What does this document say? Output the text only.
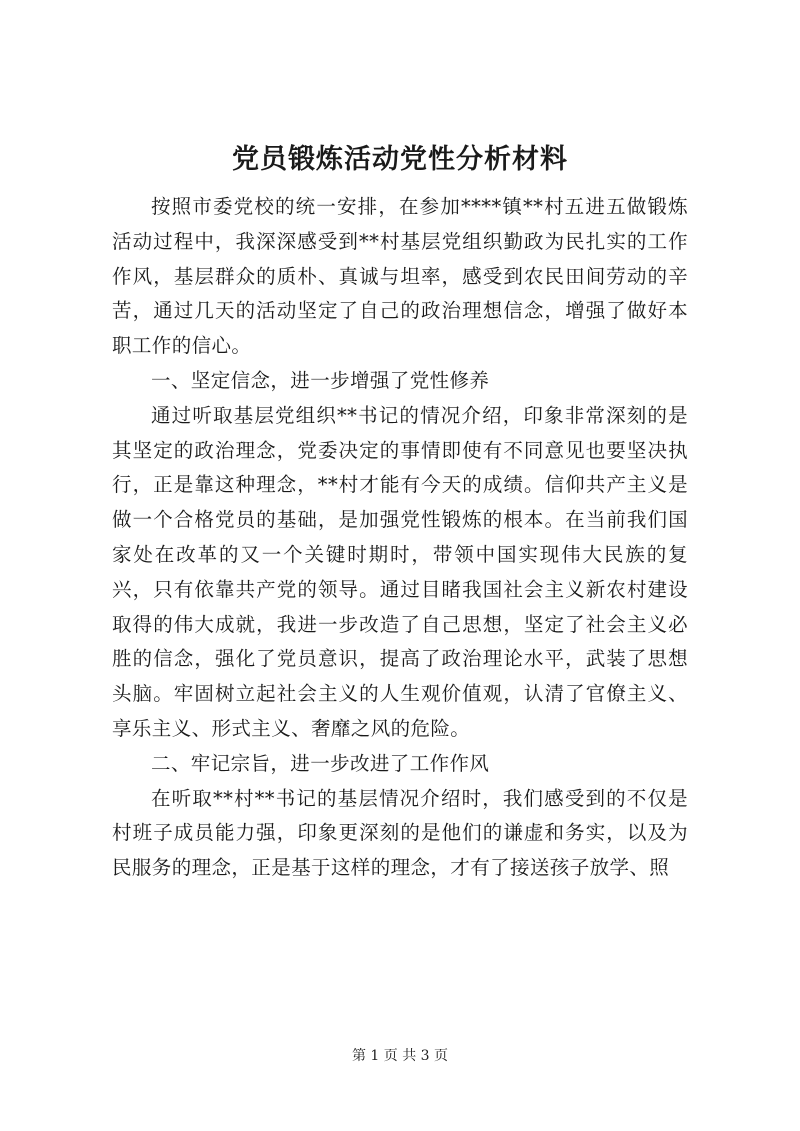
党员锻炼活动党性分析材料

按照市委党校的统一安排，在参加****镇**村五进五做锻炼活动过程中，我深深感受到**村基层党组织勤政为民扎实的工作作风，基层群众的质朴、真诚与坦率，感受到农民田间劳动的辛苦，通过几天的活动坚定了自己的政治理想信念，增强了做好本职工作的信心。

一、坚定信念，进一步增强了党性修养

通过听取基层党组织**书记的情况介绍，印象非常深刻的是其坚定的政治理念，党委决定的事情即使有不同意见也要坚决执行，正是靠这种理念，**村才能有今天的成绩。信仰共产主义是做一个合格党员的基础，是加强党性锻炼的根本。在当前我们国家处在改革的又一个关键时期时，带领中国实现伟大民族的复兴，只有依靠共产党的领导。通过目睹我国社会主义新农村建设取得的伟大成就，我进一步改造了自己思想，坚定了社会主义必胜的信念，强化了党员意识，提高了政治理论水平，武装了思想头脑。牢固树立起社会主义的人生观价值观，认清了官僚主义、享乐主义、形式主义、奢靡之风的危险。

二、牢记宗旨，进一步改进了工作作风

在听取**村**书记的基层情况介绍时，我们感受到的不仅是村班子成员能力强，印象更深刻的是他们的谦虚和务实，以及为民服务的理念，正是基于这样的理念，才有了接送孩子放学、照

第 1 页 共 3 页
